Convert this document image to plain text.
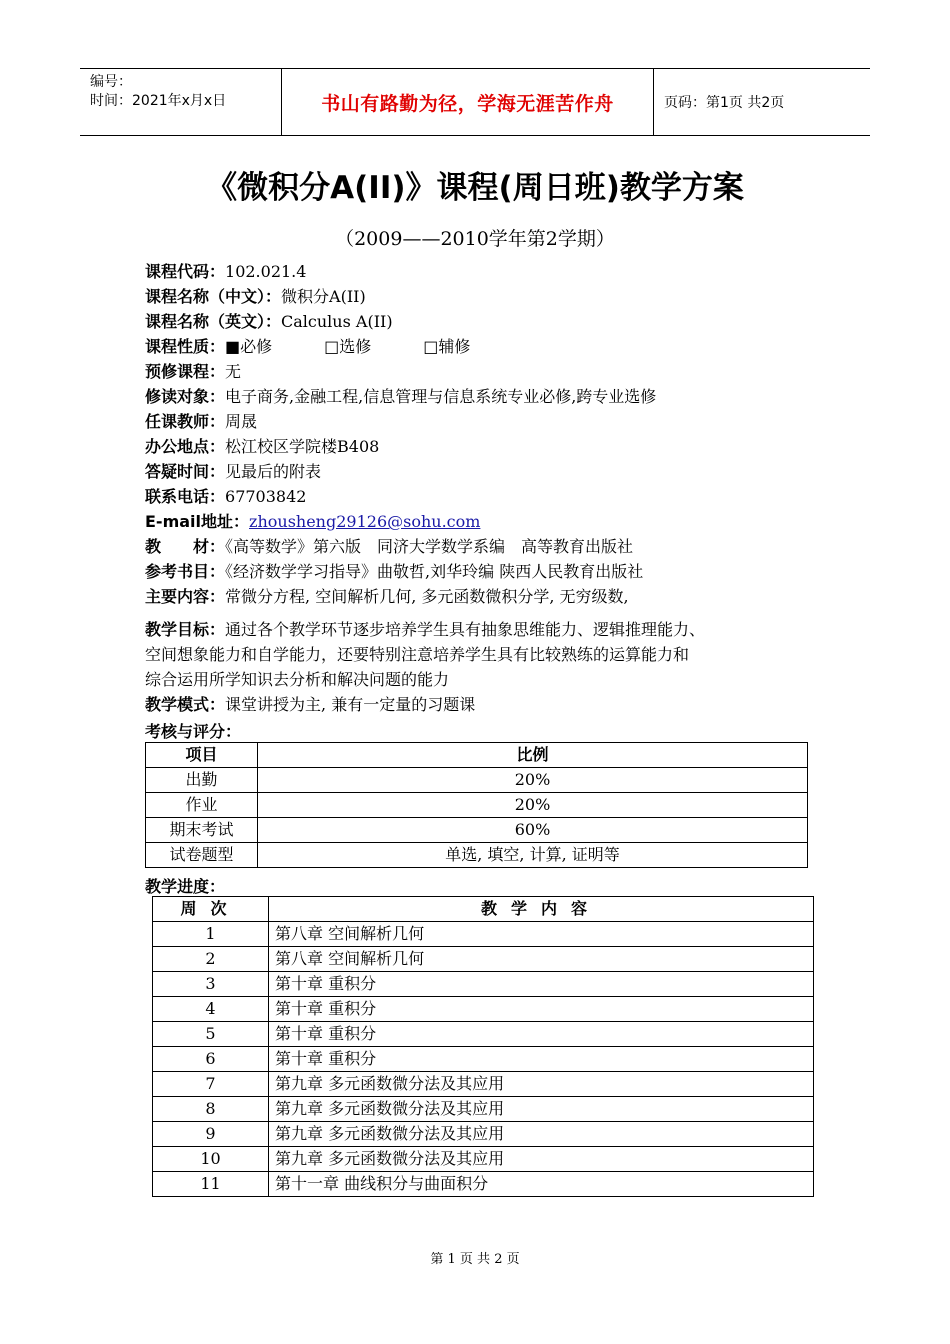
编号：
时间：2021年x月x日	书山有路勤为径，学海无涯苦作舟	页码：第1页 共2页
《微积分A(II)》课程(周日班)教学方案
（2009——2010学年第2学期）
课程代码：102.021.4
课程名称（中文）：微积分A(II)
课程名称（英文）：Calculus A(II)
课程性质：■必修	□选修	□辅修
预修课程：无
修读对象：电子商务,金融工程,信息管理与信息系统专业必修,跨专业选修
任课教师：周晟
办公地点：松江校区学院楼B408
答疑时间：见最后的附表
联系电话：67703842
E-mail地址：zhousheng29126@sohu.com
教　　材：《高等数学》第六版　同济大学数学系编　高等教育出版社
参考书目：《经济数学学习指导》曲敬哲,刘华玲编 陕西人民教育出版社
主要内容：常微分方程, 空间解析几何, 多元函数微积分学, 无穷级数,
教学目标：通过各个教学环节逐步培养学生具有抽象思维能力、逻辑推理能力、
空间想象能力和自学能力，还要特别注意培养学生具有比较熟练的运算能力和
综合运用所学知识去分析和解决问题的能力
教学模式：课堂讲授为主, 兼有一定量的习题课
考核与评分：
项目	比例
出勤	20%
作业	20%
期末考试	60%
试卷题型	单选, 填空, 计算, 证明等
教学进度：
周次	教学内容
1	第八章 空间解析几何
2	第八章 空间解析几何
3	第十章 重积分
4	第十章 重积分
5	第十章 重积分
6	第十章 重积分
7	第九章 多元函数微分法及其应用
8	第九章 多元函数微分法及其应用
9	第九章 多元函数微分法及其应用
10	第九章 多元函数微分法及其应用
11	第十一章 曲线积分与曲面积分
第 1 页 共 2 页
